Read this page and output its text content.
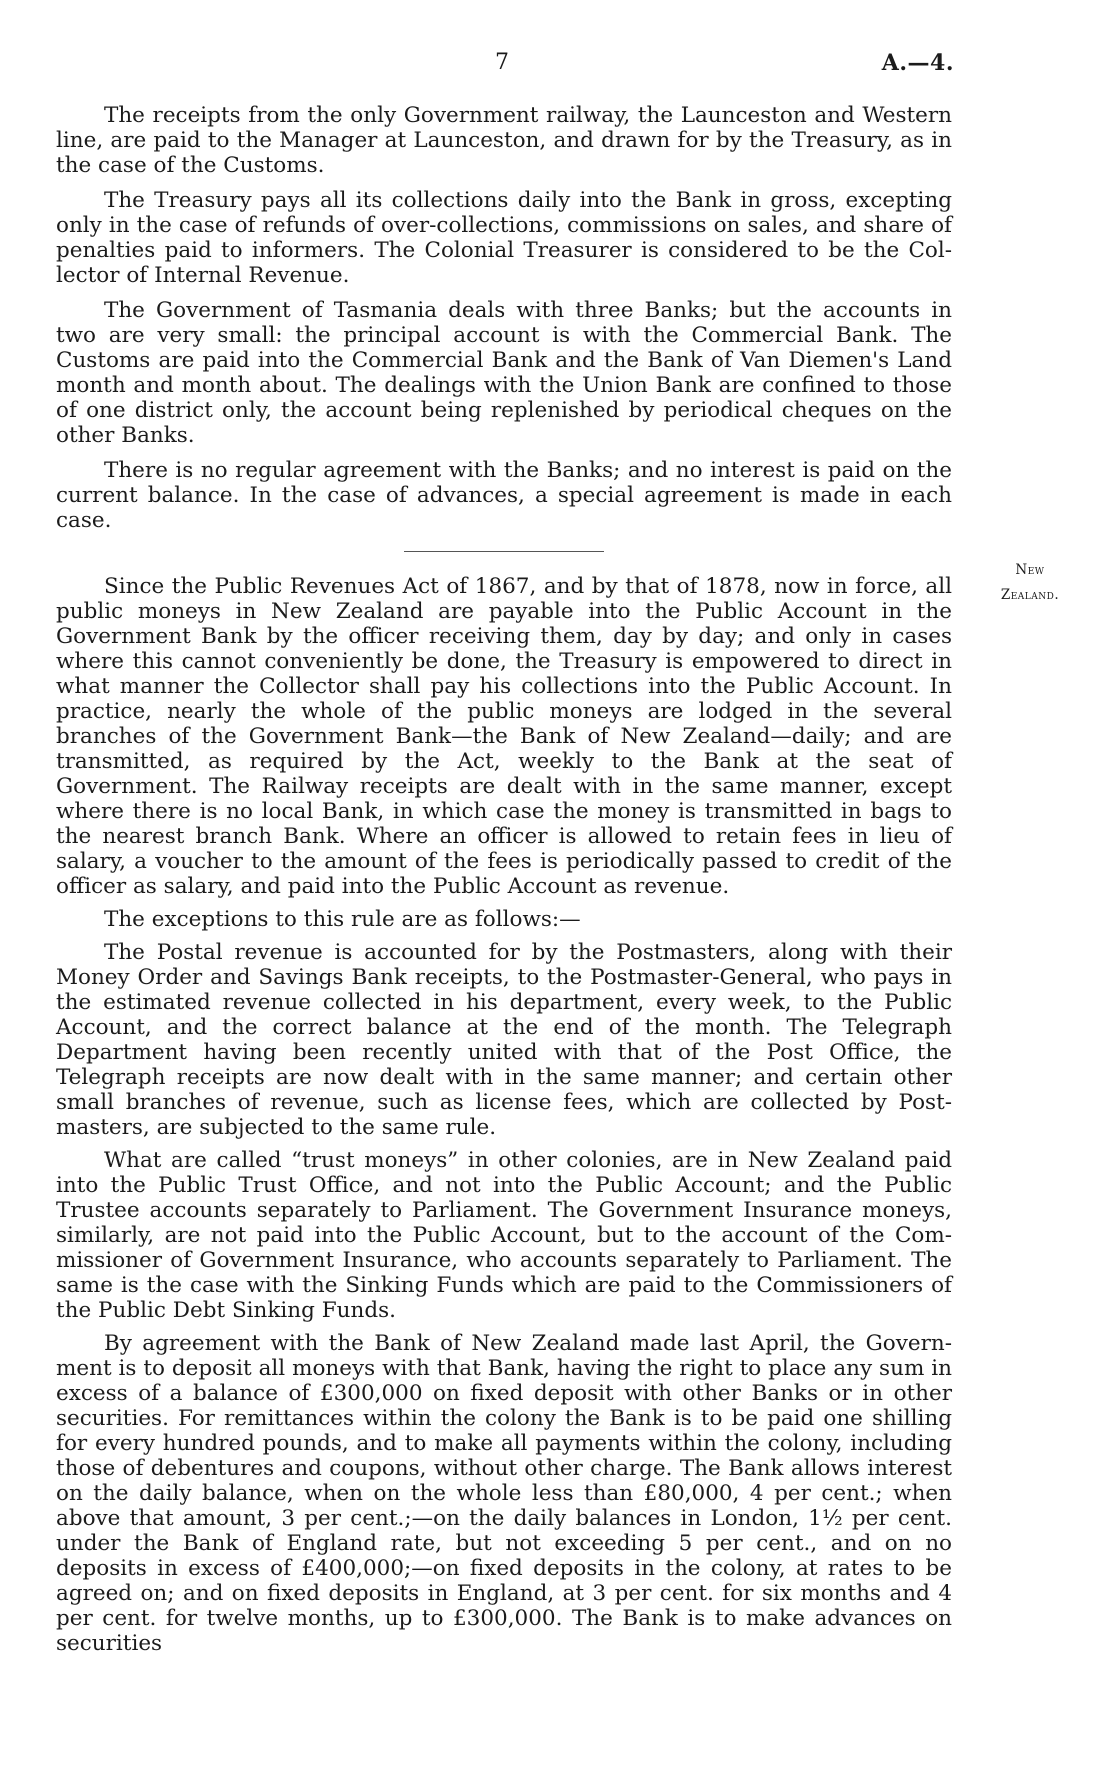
7	A.—4.

The receipts from the only Government railway, the Launceston and Western line, are paid to the Manager at Launceston, and drawn for by the Treasury, as in the case of the Customs.

The Treasury pays all its collections daily into the Bank in gross, excepting only in the case of refunds of over-collections, commissions on sales, and share of penalties paid to informers. The Colonial Treasurer is considered to be the Collector of Internal Revenue.

The Government of Tasmania deals with three Banks; but the accounts in two are very small: the principal account is with the Commercial Bank. The Customs are paid into the Commercial Bank and the Bank of Van Diemen's Land month and month about. The dealings with the Union Bank are confined to those of one district only, the account being replenished by periodical cheques on the other Banks.

There is no regular agreement with the Banks; and no interest is paid on the current balance. In the case of advances, a special agreement is made in each case.

Since the Public Revenues Act of 1867, and by that of 1878, now in force, all public moneys in New Zealand are payable into the Public Account in the Government Bank by the officer receiving them, day by day; and only in cases where this cannot conveniently be done, the Treasury is empowered to direct in what manner the Collector shall pay his collections into the Public Account. In practice, nearly the whole of the public moneys are lodged in the several branches of the Government Bank—the Bank of New Zealand—daily; and are transmitted, as required by the Act, weekly to the Bank at the seat of Government. The Railway receipts are dealt with in the same manner, except where there is no local Bank, in which case the money is transmitted in bags to the nearest branch Bank. Where an officer is allowed to retain fees in lieu of salary, a voucher to the amount of the fees is periodically passed to credit of the officer as salary, and paid into the Public Account as revenue.

The exceptions to this rule are as follows:—

The Postal revenue is accounted for by the Postmasters, along with their Money Order and Savings Bank receipts, to the Postmaster-General, who pays in the estimated revenue collected in his department, every week, to the Public Account, and the correct balance at the end of the month. The Telegraph Department having been recently united with that of the Post Office, the Telegraph receipts are now dealt with in the same manner; and certain other small branches of revenue, such as license fees, which are collected by Postmasters, are subjected to the same rule.

What are called “trust moneys” in other colonies, are in New Zealand paid into the Public Trust Office, and not into the Public Account; and the Public Trustee accounts separately to Parliament. The Government Insurance moneys, similarly, are not paid into the Public Account, but to the account of the Commissioner of Government Insurance, who accounts separately to Parliament. The same is the case with the Sinking Funds which are paid to the Commissioners of the Public Debt Sinking Funds.

By agreement with the Bank of New Zealand made last April, the Government is to deposit all moneys with that Bank, having the right to place any sum in excess of a balance of £300,000 on fixed deposit with other Banks or in other securities. For remittances within the colony the Bank is to be paid one shilling for every hundred pounds, and to make all payments within the colony, including those of debentures and coupons, without other charge. The Bank allows interest on the daily balance, when on the whole less than £80,000, 4 per cent.; when above that amount, 3 per cent.;—on the daily balances in London, 1½ per cent. under the Bank of England rate, but not exceeding 5 per cent., and on no deposits in excess of £400,000;—on fixed deposits in the colony, at rates to be agreed on; and on fixed deposits in England, at 3 per cent. for six months and 4 per cent. for twelve months, up to £300,000. The Bank is to make advances on securities

New
Zealand.
